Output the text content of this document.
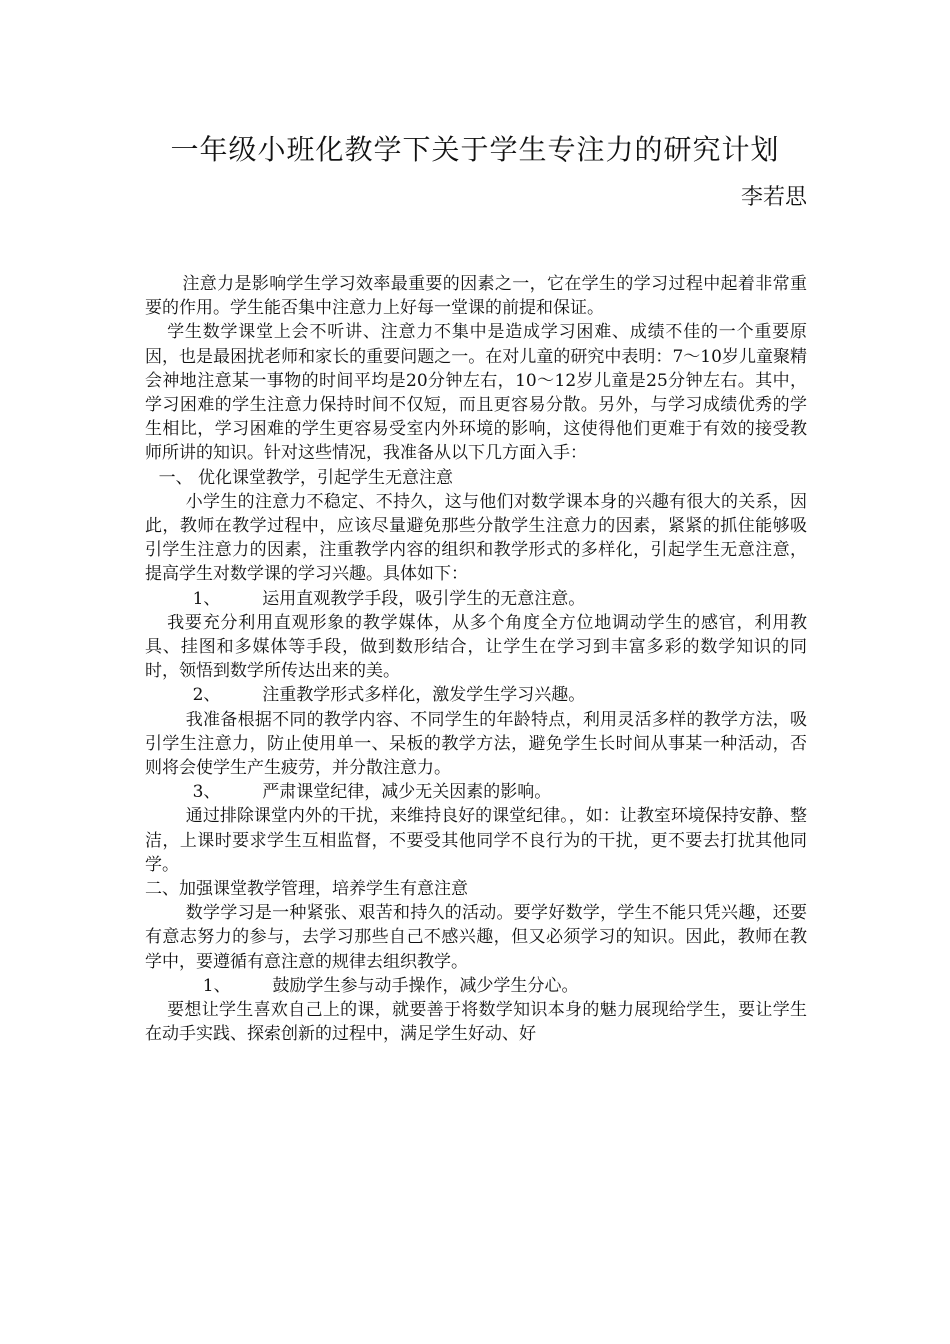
一年级小班化教学下关于学生专注力的研究计划
李若思

注意力是影响学生学习效率最重要的因素之一，它在学生的学习过程中起着非常重要的作用。学生能否集中注意力上好每一堂课的前提和保证。

学生数学课堂上会不听讲、注意力不集中是造成学习困难、成绩不佳的一个重要原因，也是最困扰老师和家长的重要问题之一。在对儿童的研究中表明：7～10岁儿童聚精会神地注意某一事物的时间平均是20分钟左右，10～12岁儿童是25分钟左右。其中，学习困难的学生注意力保持时间不仅短，而且更容易分散。另外，与学习成绩优秀的学生相比，学习困难的学生更容易受室内外环境的影响，这使得他们更难于有效的接受教师所讲的知识。针对这些情况，我准备从以下几方面入手：

一、 优化课堂教学，引起学生无意注意

小学生的注意力不稳定、不持久，这与他们对数学课本身的兴趣有很大的关系，因此，教师在教学过程中，应该尽量避免那些分散学生注意力的因素，紧紧的抓住能够吸引学生注意力的因素，注重教学内容的组织和教学形式的多样化，引起学生无意注意，提高学生对数学课的学习兴趣。具体如下：

1、 运用直观教学手段，吸引学生的无意注意。

我要充分利用直观形象的教学媒体，从多个角度全方位地调动学生的感官，利用教具、挂图和多媒体等手段，做到数形结合，让学生在学习到丰富多彩的数学知识的同时，领悟到数学所传达出来的美。

2、 注重教学形式多样化，激发学生学习兴趣。

我准备根据不同的教学内容、不同学生的年龄特点，利用灵活多样的教学方法，吸引学生注意力，防止使用单一、呆板的教学方法，避免学生长时间从事某一种活动，否则将会使学生产生疲劳，并分散注意力。

3、 严肃课堂纪律，减少无关因素的影响。

通过排除课堂内外的干扰，来维持良好的课堂纪律。，如：让教室环境保持安静、整洁，上课时要求学生互相监督，不要受其他同学不良行为的干扰，更不要去打扰其他同学。

二、加强课堂教学管理，培养学生有意注意

数学学习是一种紧张、艰苦和持久的活动。要学好数学，学生不能只凭兴趣，还要有意志努力的参与，去学习那些自己不感兴趣，但又必须学习的知识。因此，教师在教学中，要遵循有意注意的规律去组织教学。

1、 鼓励学生参与动手操作，减少学生分心。

要想让学生喜欢自己上的课，就要善于将数学知识本身的魅力展现给学生，要让学生在动手实践、探索创新的过程中，满足学生好动、好
